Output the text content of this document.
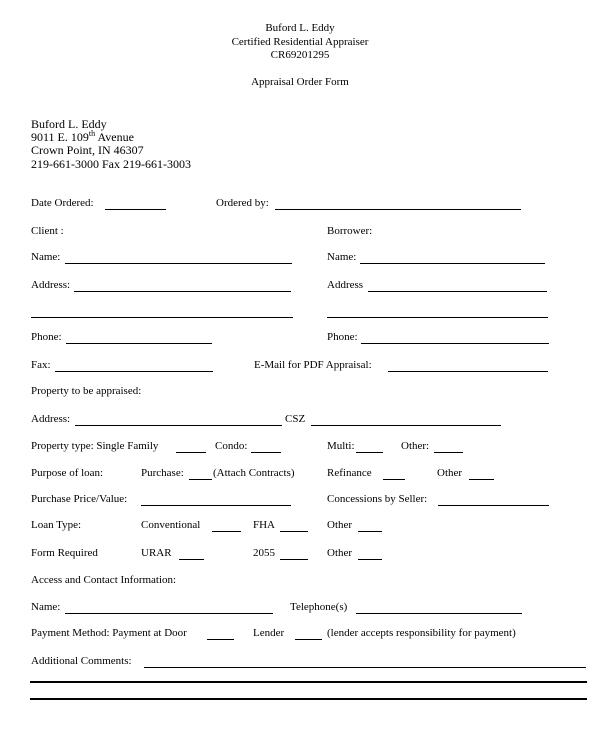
Buford L. Eddy
Certified Residential Appraiser
CR69201295
Appraisal Order Form
Buford L. Eddy
9011 E. 109th Avenue
Crown Point, IN 46307
219-661-3000 Fax 219-661-3003
Date Ordered:	Ordered by:
Client :	Borrower:
Name:	Name:
Address:	Address
Phone:	Phone:
Fax:	E-Mail for PDF Appraisal:
Property to be appraised:
Address:	CSZ
Property type: Single Family	Condo:	Multi:	Other:
Purpose of loan:	Purchase:	(Attach Contracts)	Refinance	Other
Purchase Price/Value:	Concessions by Seller:
Loan Type:	Conventional	FHA	Other
Form Required	URAR	2055	Other
Access and Contact Information:
Name:	Telephone(s)
Payment Method: Payment at Door	Lender	(lender accepts responsibility for payment)
Additional Comments:
